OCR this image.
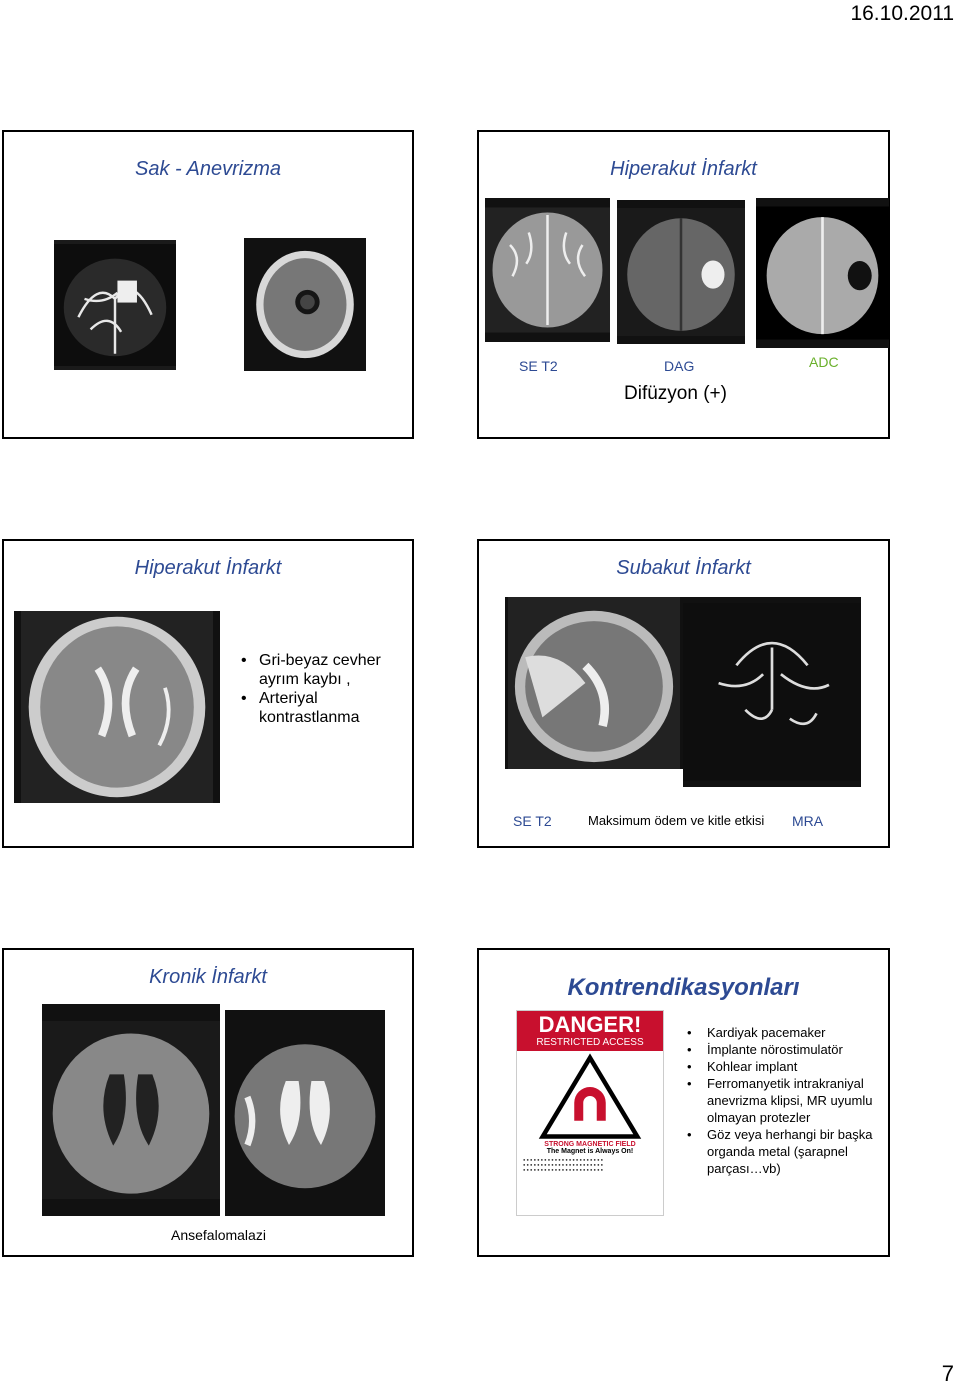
16.10.2011
Sak - Anevrizma	Hiperakut İnfarkt
SE T2	DAG	ADC
Difüzyon (+)
Hiperakut İnfarkt
• Gri-beyaz cevher ayrım kaybı ,
• Arteriyal kontrastlanma
Subakut İnfarkt
SE T2	Maksimum ödem ve kitle etkisi MRA
Kronik İnfarkt
Ansefalomalazi
Kontrendikasyonları
DANGER!
RESTRICTED ACCESS
STRONG MAGNETIC FIELD
The Magnet is Always On!
● ● ● ● ● ● ● ● ● ● ● ● ● ● ● ● ● ● ● ● ● ● ●
● ● ● ● ● ● ● ● ● ● ● ● ● ● ● ● ● ● ● ● ● ● ●
● ● ● ● ● ● ● ● ● ● ● ● ● ● ● ● ● ● ● ● ● ● ●
• Kardiyak pacemaker
• İmplante nörostimulatör
• Kohlear implant
• Ferromanyetik intrakraniyal anevrizma klipsi, MR uyumlu olmayan protezler
• Göz veya herhangi bir başka organda metal (şarapnel parçası…vb)
7
